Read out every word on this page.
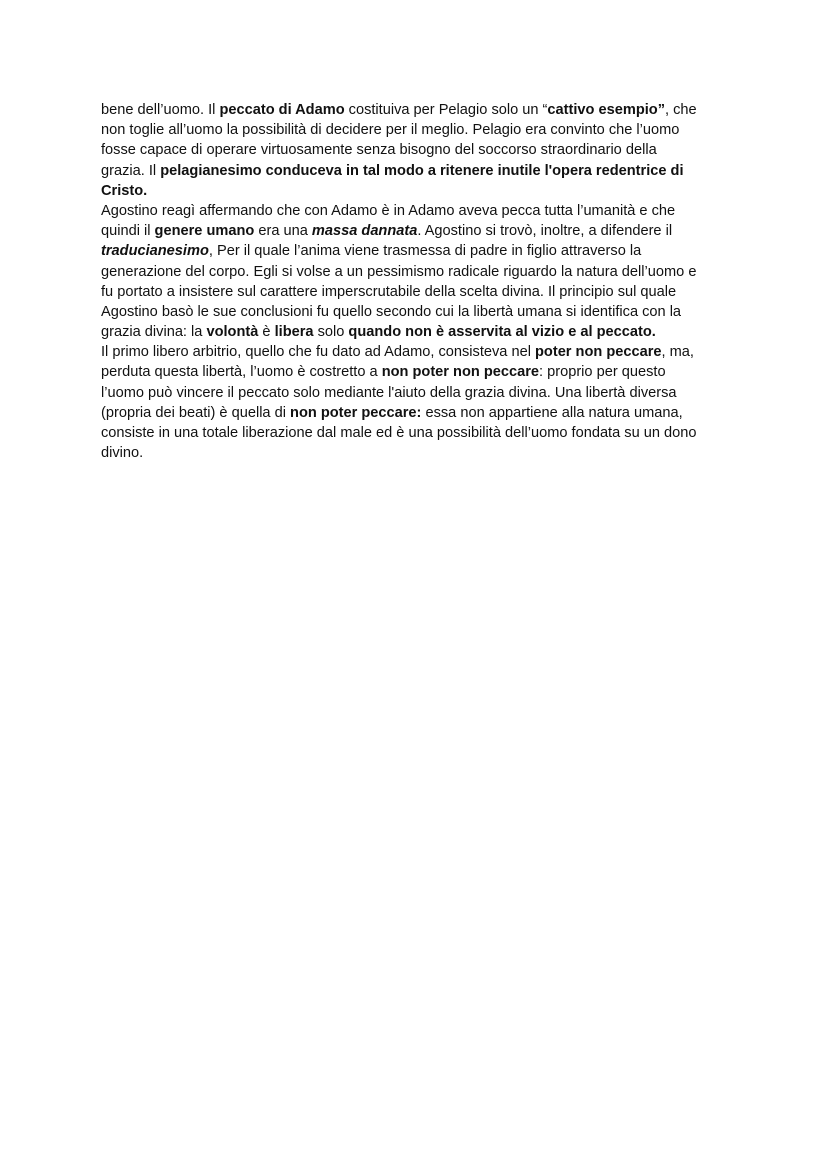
bene dell’uomo. Il peccato di Adamo costituiva per Pelagio solo un “cattivo esempio”, che
non toglie all’uomo la possibilità di decidere per il meglio. Pelagio era convinto che l’uomo
fosse capace di operare virtuosamente senza bisogno del soccorso straordinario della
grazia. Il pelagianesimo conduceva in tal modo a ritenere inutile l'opera redentrice di
Cristo.
Agostino reagì affermando che con Adamo è in Adamo aveva pecca tutta l’umanità e che
quindi il genere umano era una massa dannata. Agostino si trovò, inoltre, a difendere il
traducianesimo, Per il quale l’anima viene trasmessa di padre in figlio attraverso la
generazione del corpo. Egli si volse a un pessimismo radicale riguardo la natura dell’uomo e
fu portato a insistere sul carattere imperscrutabile della scelta divina. Il principio sul quale
Agostino basò le sue conclusioni fu quello secondo cui la libertà umana si identifica con la
grazia divina: la volontà è libera solo quando non è asservita al vizio e al peccato.
Il primo libero arbitrio, quello che fu dato ad Adamo, consisteva nel poter non peccare, ma,
perduta questa libertà, l’uomo è costretto a non poter non peccare: proprio per questo
l’uomo può vincere il peccato solo mediante l'aiuto della grazia divina. Una libertà diversa
(propria dei beati) è quella di non poter peccare: essa non appartiene alla natura umana,
consiste in una totale liberazione dal male ed è una possibilità dell’uomo fondata su un dono
divino.
